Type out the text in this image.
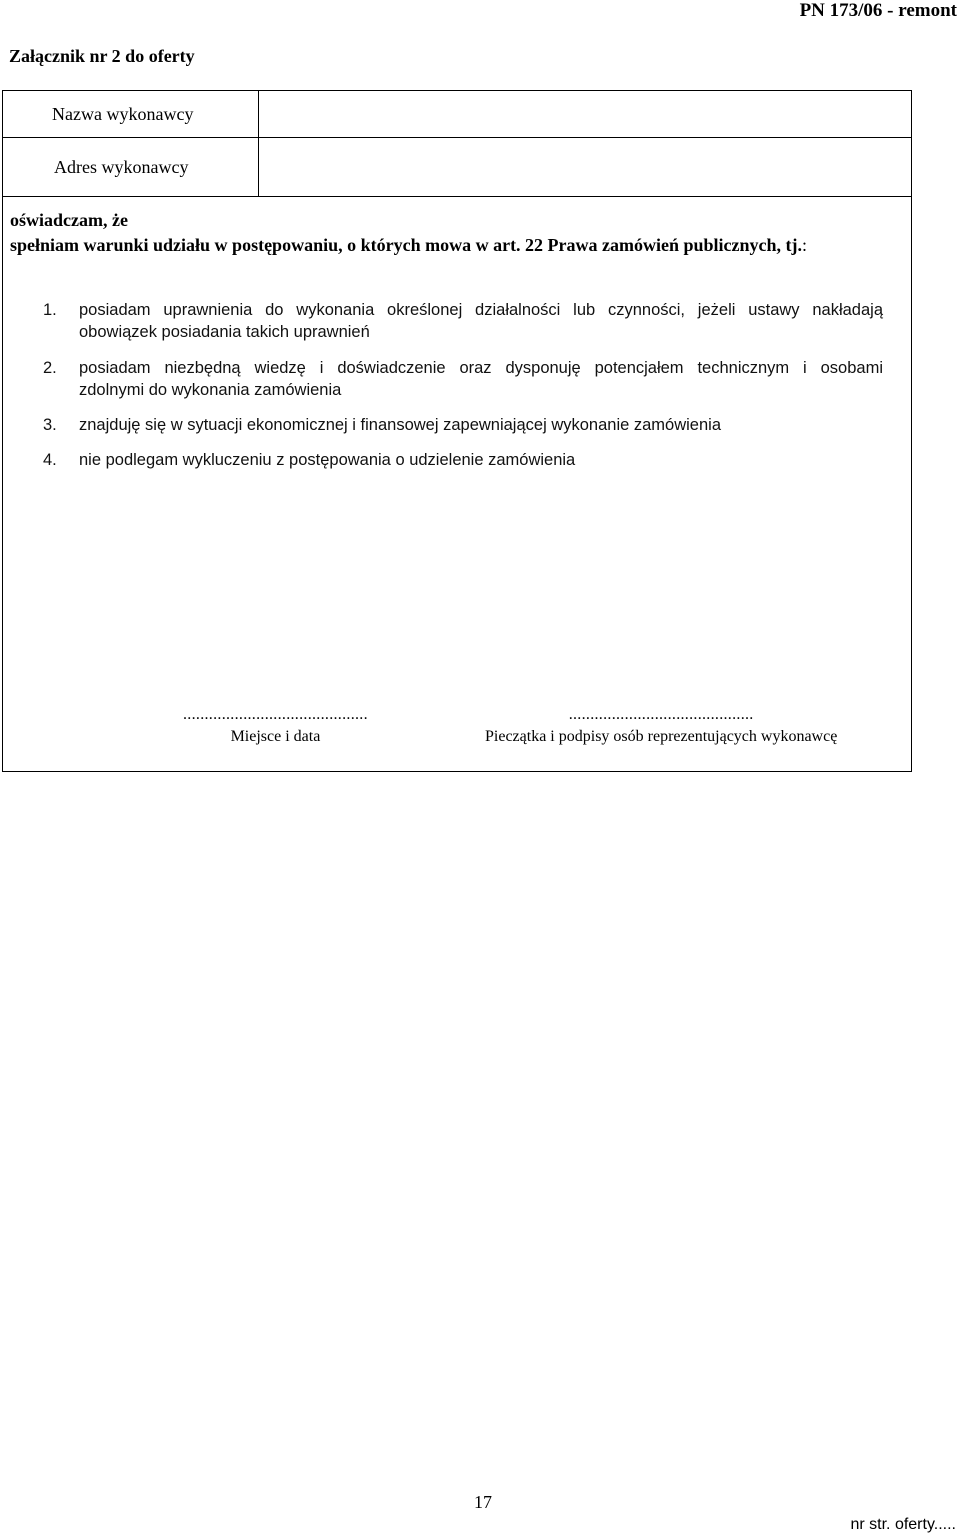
PN 173/06 - remont
Załącznik nr 2 do oferty
Nazwa wykonawcy	

Adres wykonawcy	

oświadczam, że
spełniam warunki udziału w postępowaniu, o których mowa w art. 22 Prawa zamówień publicznych, tj.:
1. posiadam uprawnienia do wykonania określonej działalności lub czynności, jeżeli ustawy nakładają
obowiązek posiadania takich uprawnień
2. posiadam niezbędną wiedzę i doświadczenie oraz dysponuję potencjałem technicznym i osobami
zdolnymi do wykonania zamówienia
3. znajduję się w sytuacji ekonomicznej i finansowej zapewniającej wykonanie zamówienia
4. nie podlegam wykluczeniu z postępowania o udzielenie zamówienia
...........................................
Miejsce i data
...........................................
Pieczątka i podpisy osób reprezentujących wykonawcę
17
nr str. oferty.....
